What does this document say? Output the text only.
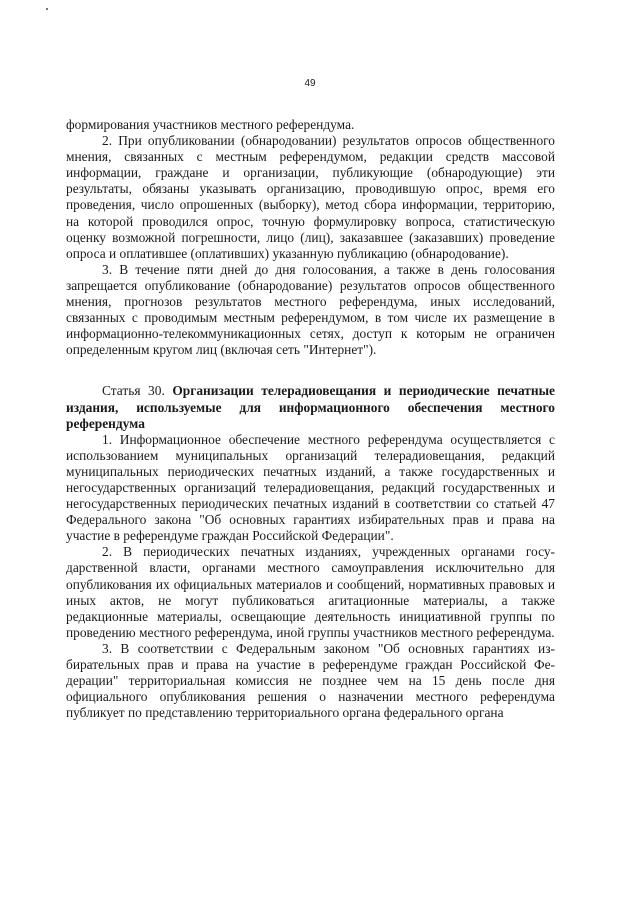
49

формирования участников местного референдума.

2. При опубликовании (обнародовании) результатов опросов общественного мнения, связанных с местным референдумом, редакции средств массовой информации, граждане и организации, публикующие (обнародующие) эти результаты, обязаны указывать организацию, проводившую опрос, время его проведения, число опрошенных (выборку), метод сбора информации, территорию, на которой проводился опрос, точную формулировку вопроса, статистическую оценку возможной погрешности, лицо (лиц), заказавшее (заказавших) проведение опроса и оплатившее (оплативших) указанную публикацию (обнародование).

3. В течение пяти дней до дня голосования, а также в день голосования запрещается опубликование (обнародование) результатов опросов общественного мнения, прогнозов результатов местного референдума, иных исследований, связанных с проводимым местным референдумом, в том числе их размещение в информационно-телекоммуникационных сетях, доступ к которым не ограничен определенным кругом лиц (включая сеть "Интернет").

Статья 30. Организации телерадиовещания и периодические печатные издания, используемые для информационного обеспечения местного референдума

1. Информационное обеспечение местного референдума осуществляется с использованием муниципальных организаций телерадиовещания, редакций муниципальных периодических печатных изданий, а также государственных и негосударственных организаций телерадиовещания, редакций государственных и негосударственных периодических печатных изданий в соответствии со статьей 47 Федерального закона "Об основных гарантиях избирательных прав и права на участие в референдуме граждан Российской Федерации".

2. В периодических печатных изданиях, учрежденных органами государственной власти, органами местного самоуправления исключительно для опубликования их официальных материалов и сообщений, нормативных правовых и иных актов, не могут публиковаться агитационные материалы, а также редакционные материалы, освещающие деятельность инициативной группы по проведению местного референдума, иной группы участников местного референдума.

3. В соответствии с Федеральным законом "Об основных гарантиях избирательных прав и права на участие в референдуме граждан Российской Федерации" территориальная комиссия не позднее чем на 15 день после дня официального опубликования решения о назначении местного референдума публикует по представлению территориального органа федерального органа
